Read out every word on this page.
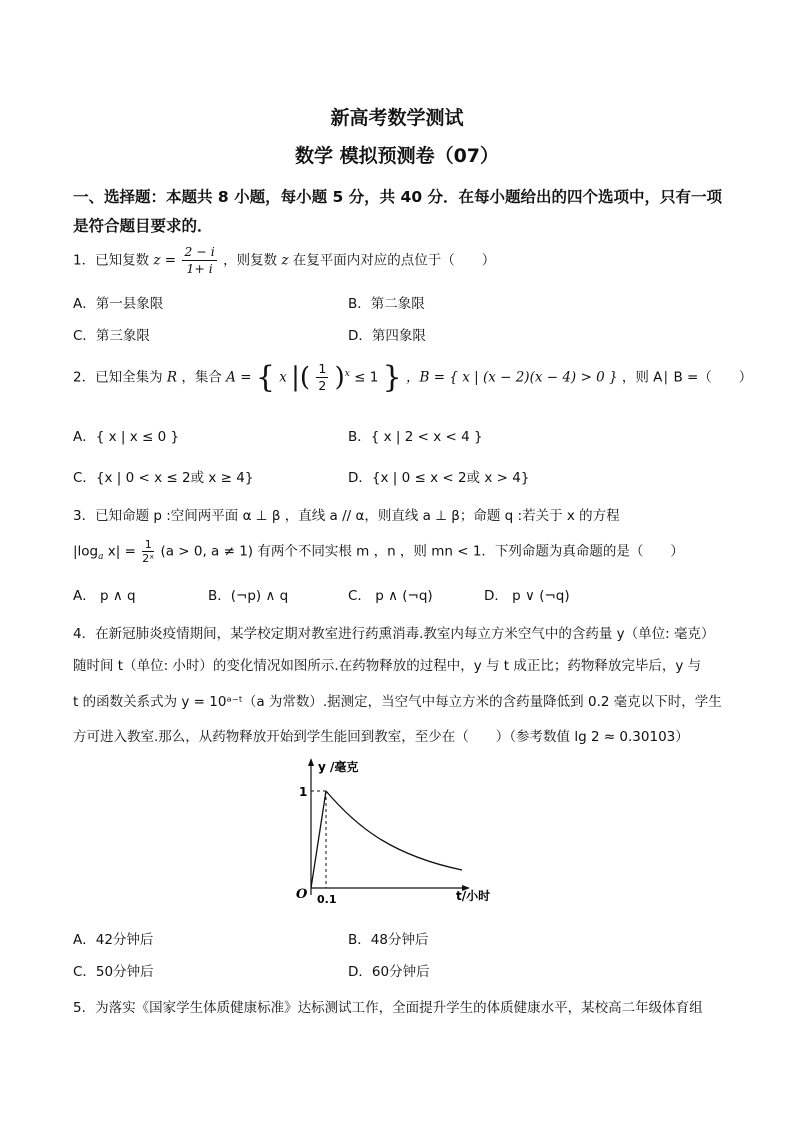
新高考数学测试
数学 模拟预测卷（07）
一、选择题：本题共 8 小题，每小题 5 分，共 40 分．在每小题给出的四个选项中，只有一项是符合题目要求的．
1．已知复数 $z = \frac{2 - i}{1+ i}$ ，则复数 z 在复平面内对应的点位于（　　）
A．第一县象限	B．第二象限
C．第三象限	D．第四象限
2．已知全集为 R ，集合 A = { x |( $\frac{1}{2} )^x \le 1$ } ，B = { x | (x − 2)(x − 4) > 0 } ，则 A∣ B =（　　）
A．{ x | x ≤ 0 }	B．{ x | 2 < x < 4 }
C．{x | 0 < x ≤ 2或 x ≥ 4}	D．{x | 0 ≤ x < 2或 x > 4}
3．已知命题 p :空间两平面 α ⊥ β ，直线 a // α，则直线 a ⊥ β；命题 q :若关于 x 的方程
$|\log_a$ $x| = \frac{1}{\text{2ˣ}} (a > 0$, a ≠ 1) 有两个不同实根 m ，n ，则 mn < 1．下列命题为真命题的是（　　）
A． p ∧ q	B．(¬p) ∧ q	C． p ∧ (¬q)	D． p ∨ (¬q)
4．在新冠肺炎疫情期间，某学校定期对教室进行药熏消毒.教室内每立方米空气中的含药量 y（单位: 毫克）
随时间 t（单位: 小时）的变化情况如图所示.在药物释放的过程中，y 与 t 成正比；药物释放完毕后，y 与
t 的函数关系式为 y = 10ᵃ⁻ᵗ（a 为常数）.据测定，当空气中每立方米的含药量降低到 0.2 毫克以下时，学生
方可进入教室.那么，从药物释放开始到学生能回到教室，至少在（　　）（参考数值 lg 2 ≈ 0.30103）
y /毫克
t/小时
O
1
0.1
A．42分钟后	B．48分钟后
C．50分钟后	D．60分钟后
5．为落实《国家学生体质健康标准》达标测试工作，全面提升学生的体质健康水平，某校高二年级体育组
